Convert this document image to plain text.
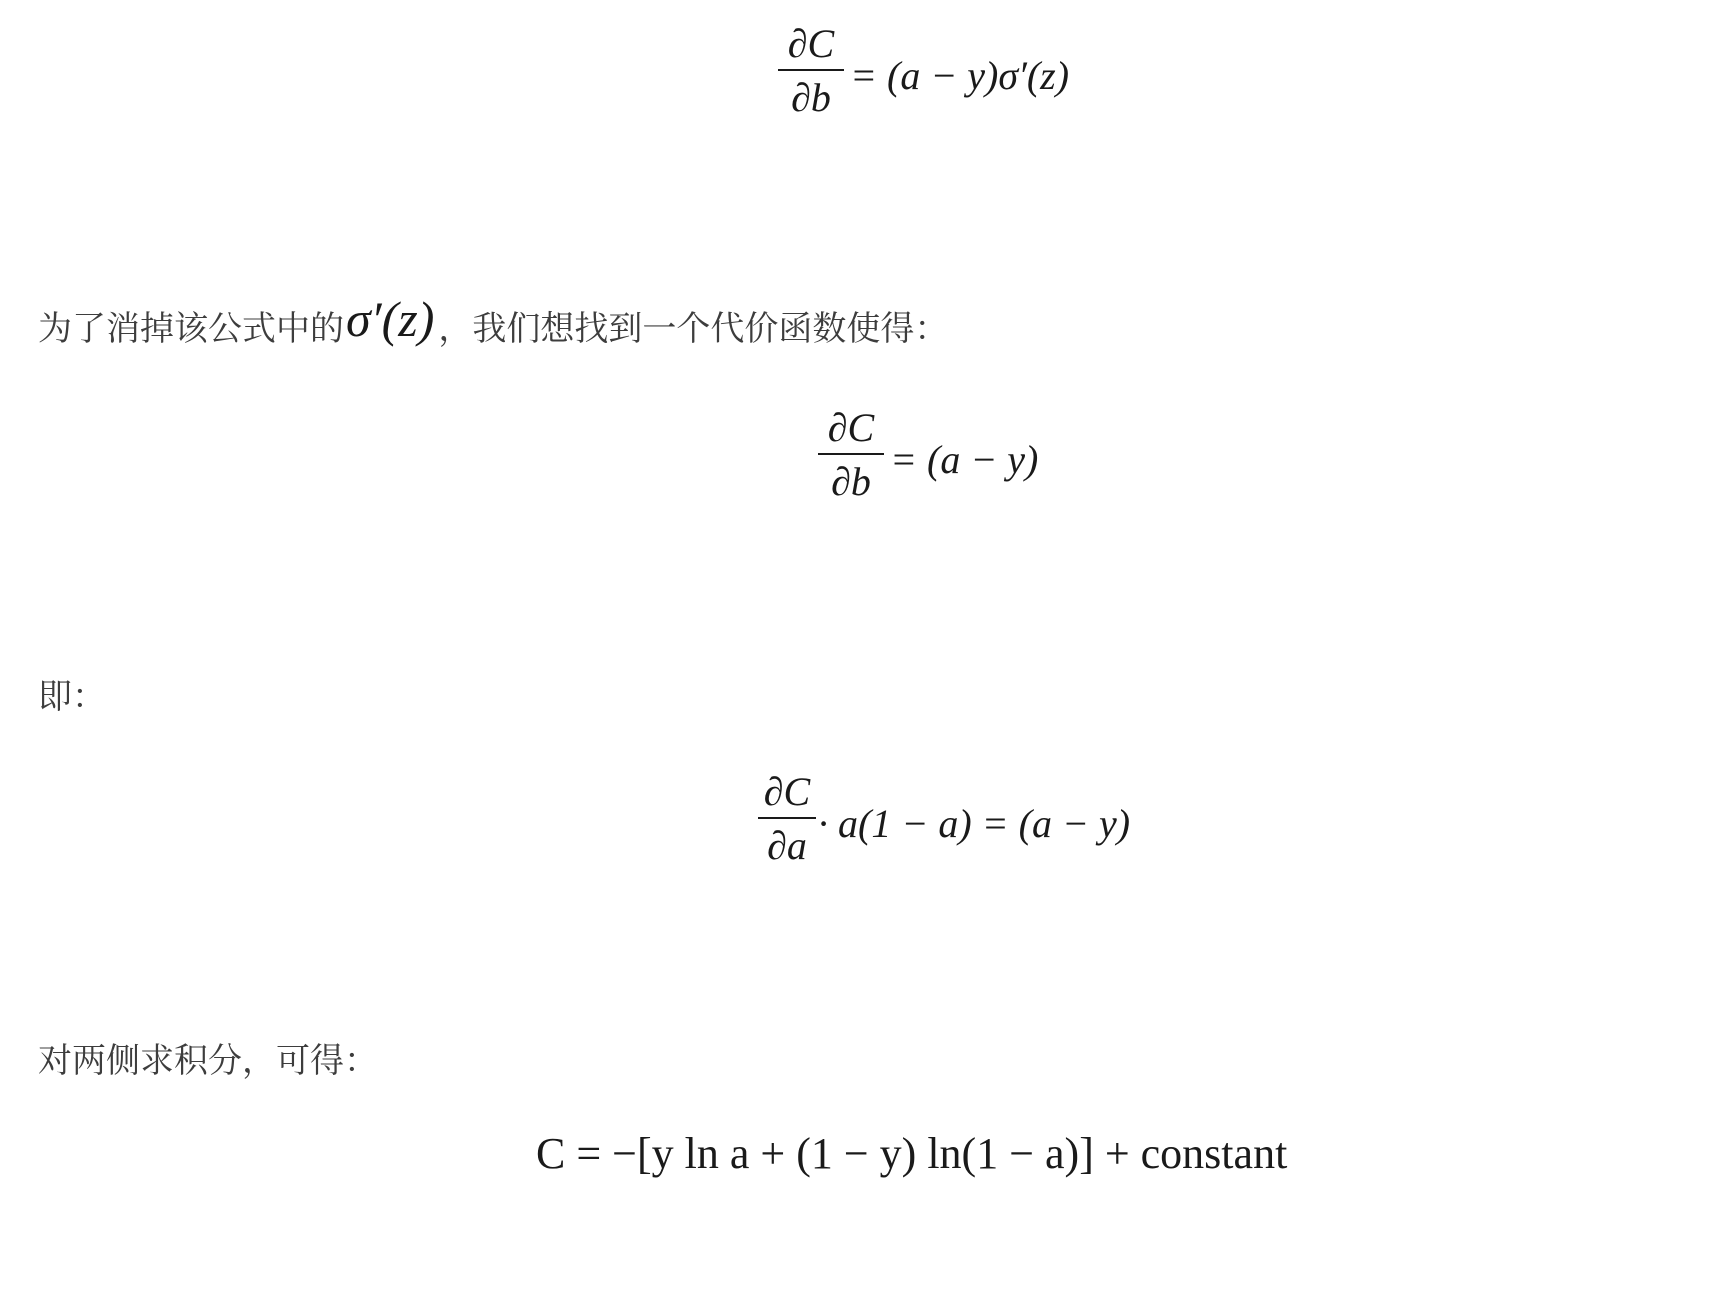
∂C
∂b = (a − y)σ′(z)
为了消掉该公式中的 σ′(z) ，我们想找到一个代价函数使得：
∂C
∂b = (a − y)
即：
∂C
∂a · a(1 − a) = (a − y)
对两侧求积分，可得：
C = −[y ln a + (1 − y) ln(1 − a)] + constant
